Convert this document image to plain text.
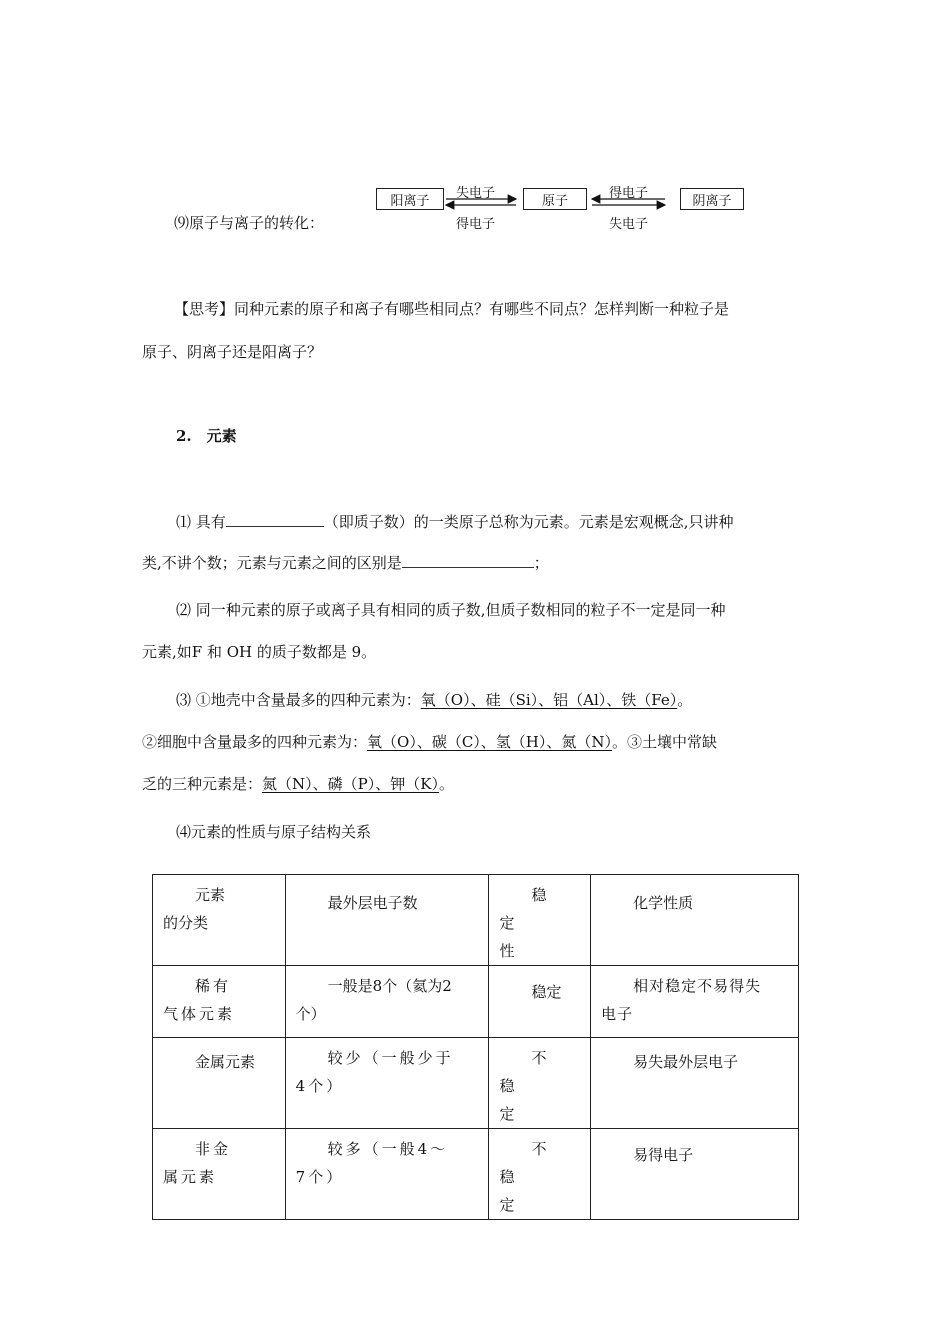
⑼原子与离子的转化：
阳离子	原子	阴离子
失电子
得电子
得电子
失电子
【思考】同种元素的原子和离子有哪些相同点？有哪些不同点？怎样判断一种粒子是
原子、阴离子还是阳离子？
2.　元素
⑴ 具有	（即质子数）的一类原子总称为元素。元素是宏观概念,只讲种
类,不讲个数；元素与元素之间的区别是	；
⑵ 同一种元素的原子或离子具有相同的质子数,但质子数相同的粒子不一定是同一种
元素,如F 和 OH 的质子数都是 9。
⑶ ①地壳中含量最多的四种元素为：氧（O）、硅（Si）、铝（Al）、铁（Fe）。
②细胞中含量最多的四种元素为：氧（O）、碳（C）、氢（H）、氮（N）。③土壤中常缺
乏的三种元素是：氮（N）、磷（P）、钾（K）。
⑷元素的性质与原子结构关系
元素的分类	最外层电子数	稳定性	化学性质

稀有气体元素	一般是8个（氦为2个）	稳定	相对稳定不易得失电子

金属元素	较少（一般少于4个）	不稳定	易失最外层电子

非金属元素	较多（一般4～7个）	不稳定	易得电子
